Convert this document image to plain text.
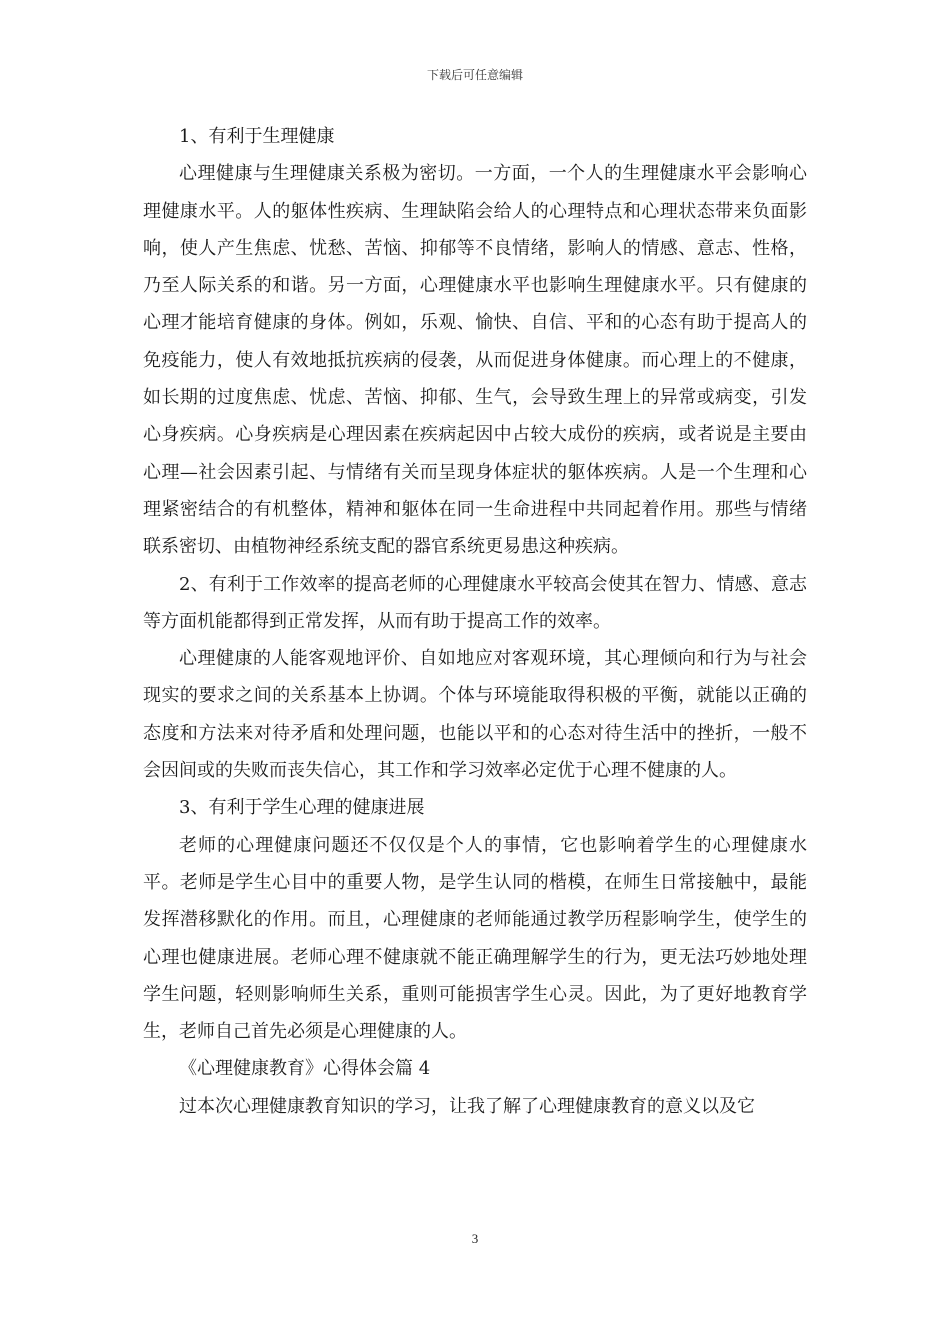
下载后可任意编辑

1、有利于生理健康

心理健康与生理健康关系极为密切。一方面，一个人的生理健康水平会影响心理健康水平。人的躯体性疾病、生理缺陷会给人的心理特点和心理状态带来负面影响，使人产生焦虑、忧愁、苦恼、抑郁等不良情绪，影响人的情感、意志、性格，乃至人际关系的和谐。另一方面，心理健康水平也影响生理健康水平。只有健康的心理才能培育健康的身体。例如，乐观、愉快、自信、平和的心态有助于提高人的免疫能力，使人有效地抵抗疾病的侵袭，从而促进身体健康。而心理上的不健康，如长期的过度焦虑、忧虑、苦恼、抑郁、生气，会导致生理上的异常或病变，引发心身疾病。心身疾病是心理因素在疾病起因中占较大成份的疾病，或者说是主要由心理—社会因素引起、与情绪有关而呈现身体症状的躯体疾病。人是一个生理和心理紧密结合的有机整体，精神和躯体在同一生命进程中共同起着作用。那些与情绪联系密切、由植物神经系统支配的器官系统更易患这种疾病。

2、有利于工作效率的提高老师的心理健康水平较高会使其在智力、情感、意志等方面机能都得到正常发挥，从而有助于提高工作的效率。

心理健康的人能客观地评价、自如地应对客观环境，其心理倾向和行为与社会现实的要求之间的关系基本上协调。个体与环境能取得积极的平衡，就能以正确的态度和方法来对待矛盾和处理问题，也能以平和的心态对待生活中的挫折，一般不会因间或的失败而丧失信心，其工作和学习效率必定优于心理不健康的人。

3、有利于学生心理的健康进展

老师的心理健康问题还不仅仅是个人的事情，它也影响着学生的心理健康水平。老师是学生心目中的重要人物，是学生认同的楷模，在师生日常接触中，最能发挥潜移默化的作用。而且，心理健康的老师能通过教学历程影响学生，使学生的心理也健康进展。老师心理不健康就不能正确理解学生的行为，更无法巧妙地处理学生问题，轻则影响师生关系，重则可能损害学生心灵。因此，为了更好地教育学生，老师自己首先必须是心理健康的人。

《心理健康教育》心得体会篇 4

过本次心理健康教育知识的学习，让我了解了心理健康教育的意义以及它

3
